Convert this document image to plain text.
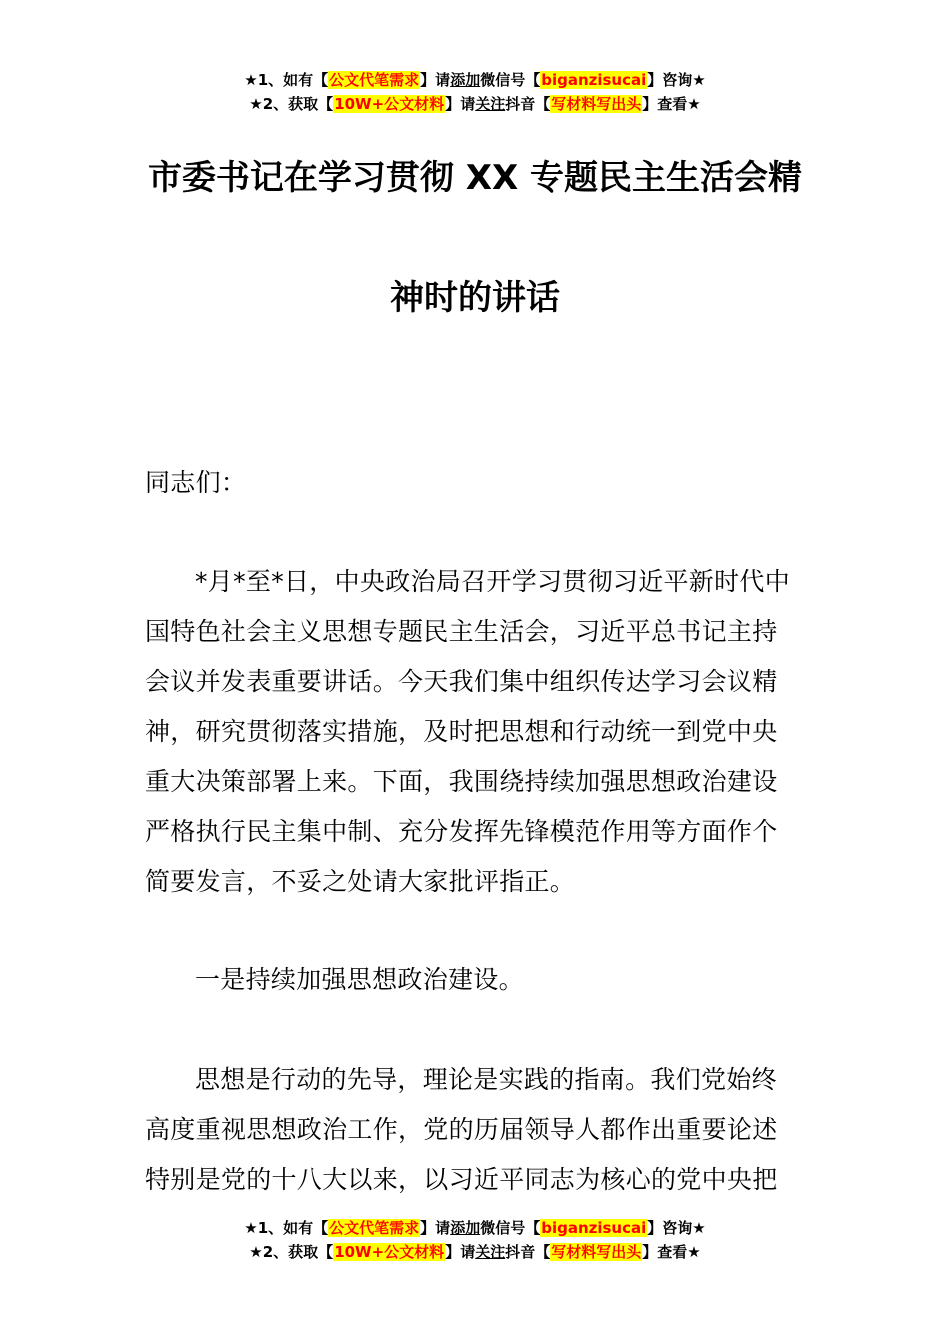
★1、如有【公文代笔需求】请添加微信号【biganzisucai】咨询★
★2、获取【10W+公文材料】请关注抖音【写材料写出头】查看★
市委书记在学习贯彻 XX 专题民主生活会精
神时的讲话
同志们：
*月*至*日，中央政治局召开学习贯彻习近平新时代中
国特色社会主义思想专题民主生活会，习近平总书记主持
会议并发表重要讲话。今天我们集中组织传达学习会议精
神，研究贯彻落实措施，及时把思想和行动统一到党中央
重大决策部署上来。下面，我围绕持续加强思想政治建设
严格执行民主集中制、充分发挥先锋模范作用等方面作个
简要发言，不妥之处请大家批评指正。
一是持续加强思想政治建设。
思想是行动的先导，理论是实践的指南。我们党始终
高度重视思想政治工作，党的历届领导人都作出重要论述
特别是党的十八大以来，以习近平同志为核心的党中央把
★1、如有【公文代笔需求】请添加微信号【biganzisucai】咨询★
★2、获取【10W+公文材料】请关注抖音【写材料写出头】查看★
